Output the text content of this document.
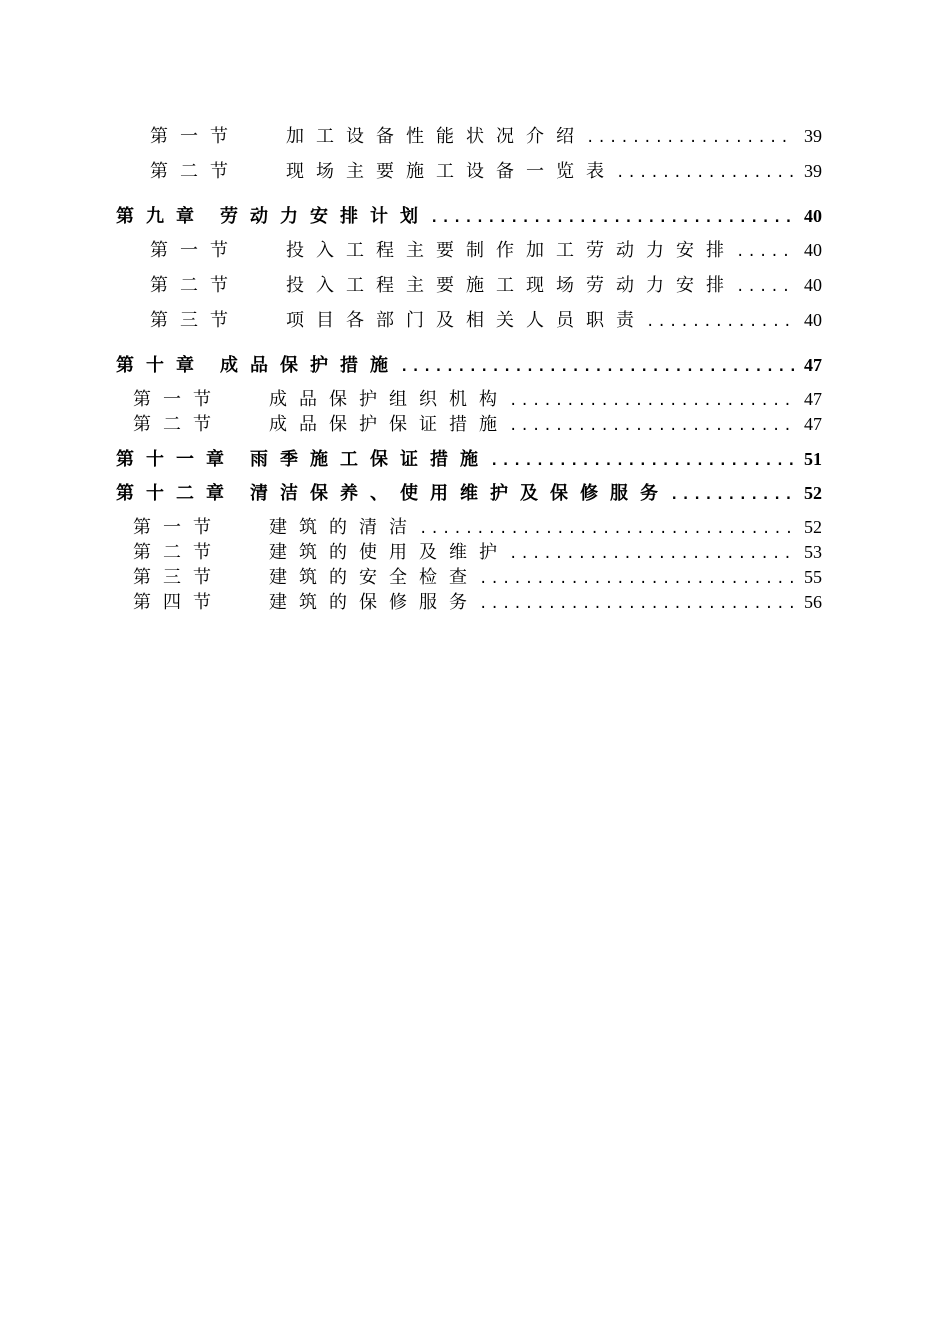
第一节	加工设备性能状况介绍 .....	39
第二节	现场主要施工设备一览表 .....	39
第九章 劳动力安排计划 .....	40
第一节	投入工程主要制作加工劳动力安排 .....	40
第二节	投入工程主要施工现场劳动力安排 .....	40
第三节	项目各部门及相关人员职责 .....	40
第十章 成品保护措施 .....	47
第一节	成品保护组织机构 .....	47
第二节	成品保护保证措施 .....	47
第十一章 雨季施工保证措施 .....	51
第十二章 清洁保养、使用维护及保修服务 .....	52
第一节	建筑的清洁 .....	52
第二节	建筑的使用及维护 .....	53
第三节	建筑的安全检查 .....	55
第四节	建筑的保修服务 .....	56
